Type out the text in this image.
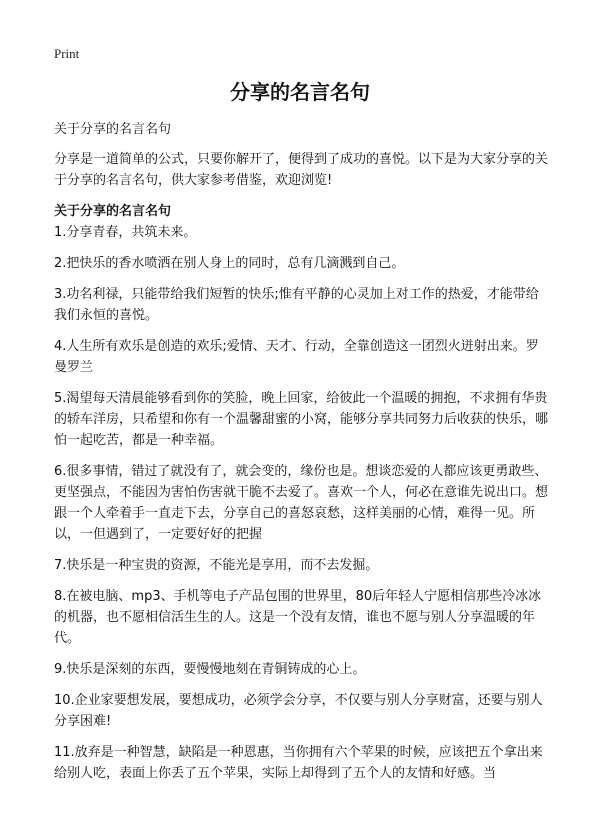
Print
分享的名言名句

关于分享的名言名句

分享是一道简单的公式，只要你解开了，便得到了成功的喜悦。以下是为大家分享的关于分享的名言名句，供大家参考借鉴，欢迎浏览!

关于分享的名言名句

1.分享青春，共筑未来。

2.把快乐的香水喷洒在别人身上的同时，总有几滴溅到自己。

3.功名利禄，只能带给我们短暂的快乐;惟有平静的心灵加上对工作的热爱，才能带给我们永恒的喜悦。

4.人生所有欢乐是创造的欢乐;爱情、天才、行动，全靠创造这一团烈火迸射出来。罗曼罗兰

5.渴望每天清晨能够看到你的笑脸，晚上回家，给彼此一个温暖的拥抱，不求拥有华贵的轿车洋房，只希望和你有一个温馨甜蜜的小窝，能够分享共同努力后收获的快乐，哪怕一起吃苦，都是一种幸福。

6.很多事情，错过了就没有了，就会变的，缘份也是。想谈恋爱的人都应该更勇敢些、更坚强点，不能因为害怕伤害就干脆不去爱了。喜欢一个人，何必在意谁先说出口。想跟一个人牵着手一直走下去，分享自己的喜怒哀愁，这样美丽的心情，难得一见。所以，一但遇到了，一定要好好的把握

7.快乐是一种宝贵的资源，不能光是享用，而不去发掘。

8.在被电脑、mp3、手机等电子产品包围的世界里，80后年轻人宁愿相信那些冷冰冰的机器，也不愿相信活生生的人。这是一个没有友情，谁也不愿与别人分享温暖的年代。

9.快乐是深刻的东西，要慢慢地刻在青铜铸成的心上。

10.企业家要想发展，要想成功，必须学会分享，不仅要与别人分享财富，还要与别人分享困难!

11.放弃是一种智慧，缺陷是一种恩惠，当你拥有六个苹果的时候，应该把五个拿出来给别人吃，表面上你丢了五个苹果，实际上却得到了五个人的友情和好感。当
